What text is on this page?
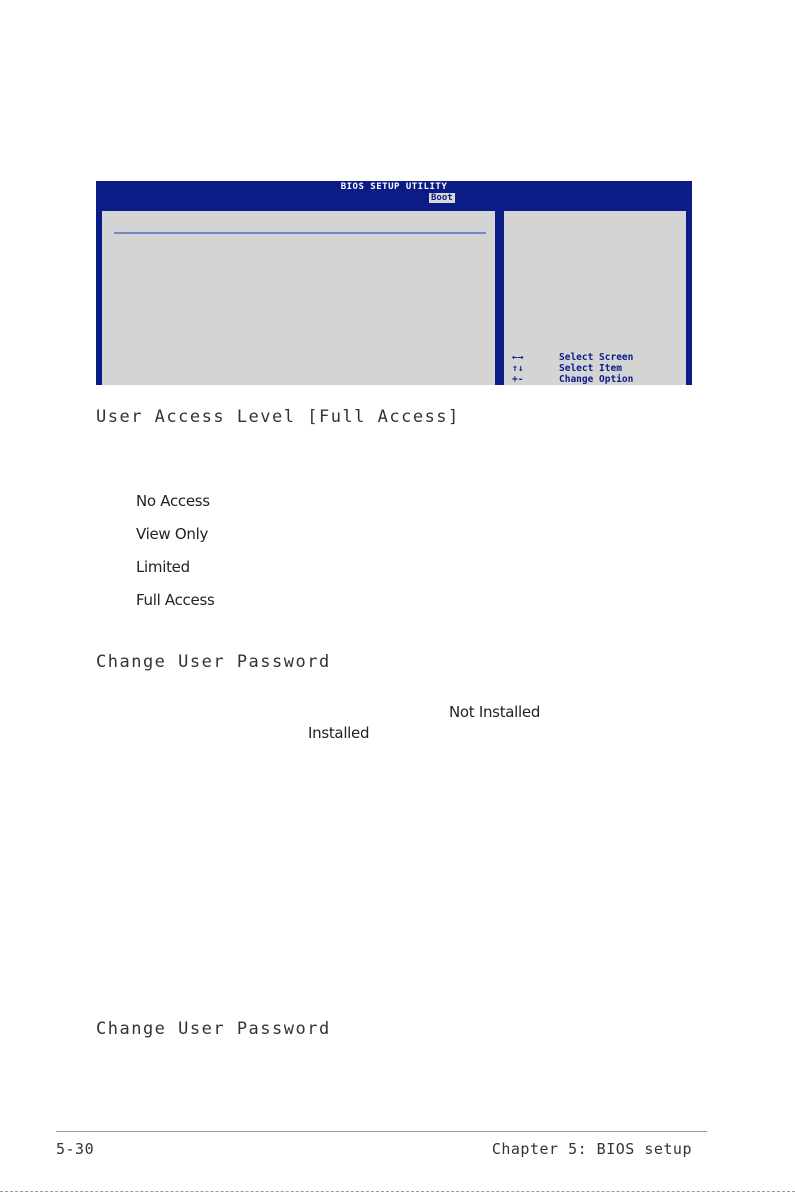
BIOS SETUP UTILITY
Boot
←→	Select Screen
↑↓	Select Item
+-	Change Option
User Access Level [Full Access]
No Access
View Only
Limited
Full Access
Change User Password
Not Installed
Installed
Change User Password
5-30	Chapter 5: BIOS setup
